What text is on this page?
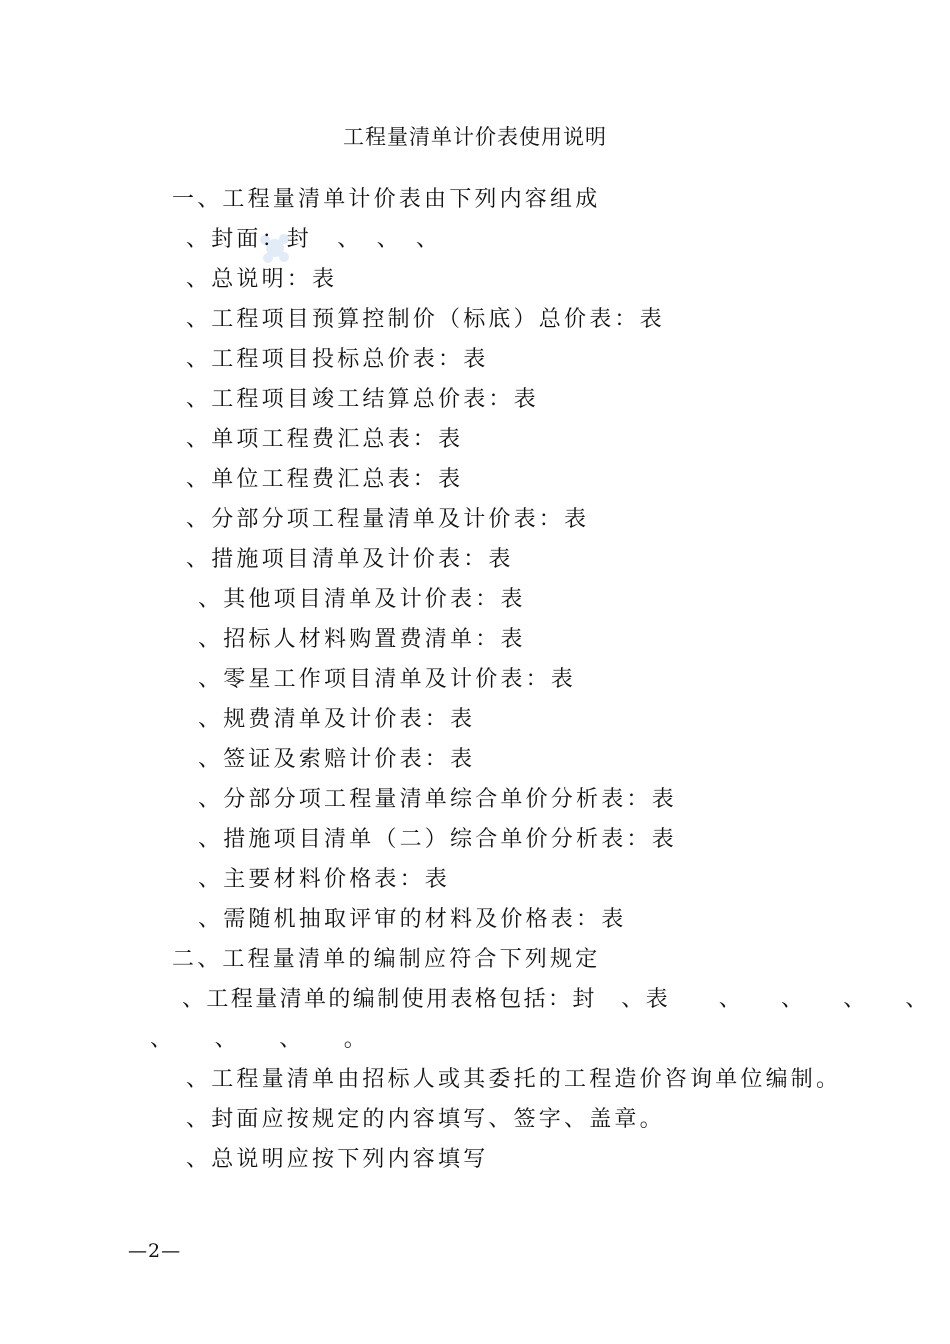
工程量清单计价表使用说明
一、工程量清单计价表由下列内容组成
、封面：封　、　、　、
、总说明：表
、工程项目预算控制价（标底）总价表：表
、工程项目投标总价表：表
、工程项目竣工结算总价表：表
、单项工程费汇总表：表
、单位工程费汇总表：表
、分部分项工程量清单及计价表：表
、措施项目清单及计价表：表
、其他项目清单及计价表：表
、招标人材料购置费清单：表
、零星工作项目清单及计价表：表
、规费清单及计价表：表
、签证及索赔计价表：表
、分部分项工程量清单综合单价分析表：表
、措施项目清单（二）综合单价分析表：表
、主要材料价格表：表
、需随机抽取评审的材料及价格表：表
二、工程量清单的编制应符合下列规定
、工程量清单的编制使用表格包括：封　、表　　、　　、　　、　　、
、　　、　　、　　。
、工程量清单由招标人或其委托的工程造价咨询单位编制。
、封面应按规定的内容填写、签字、盖章。
、总说明应按下列内容填写
—2—
